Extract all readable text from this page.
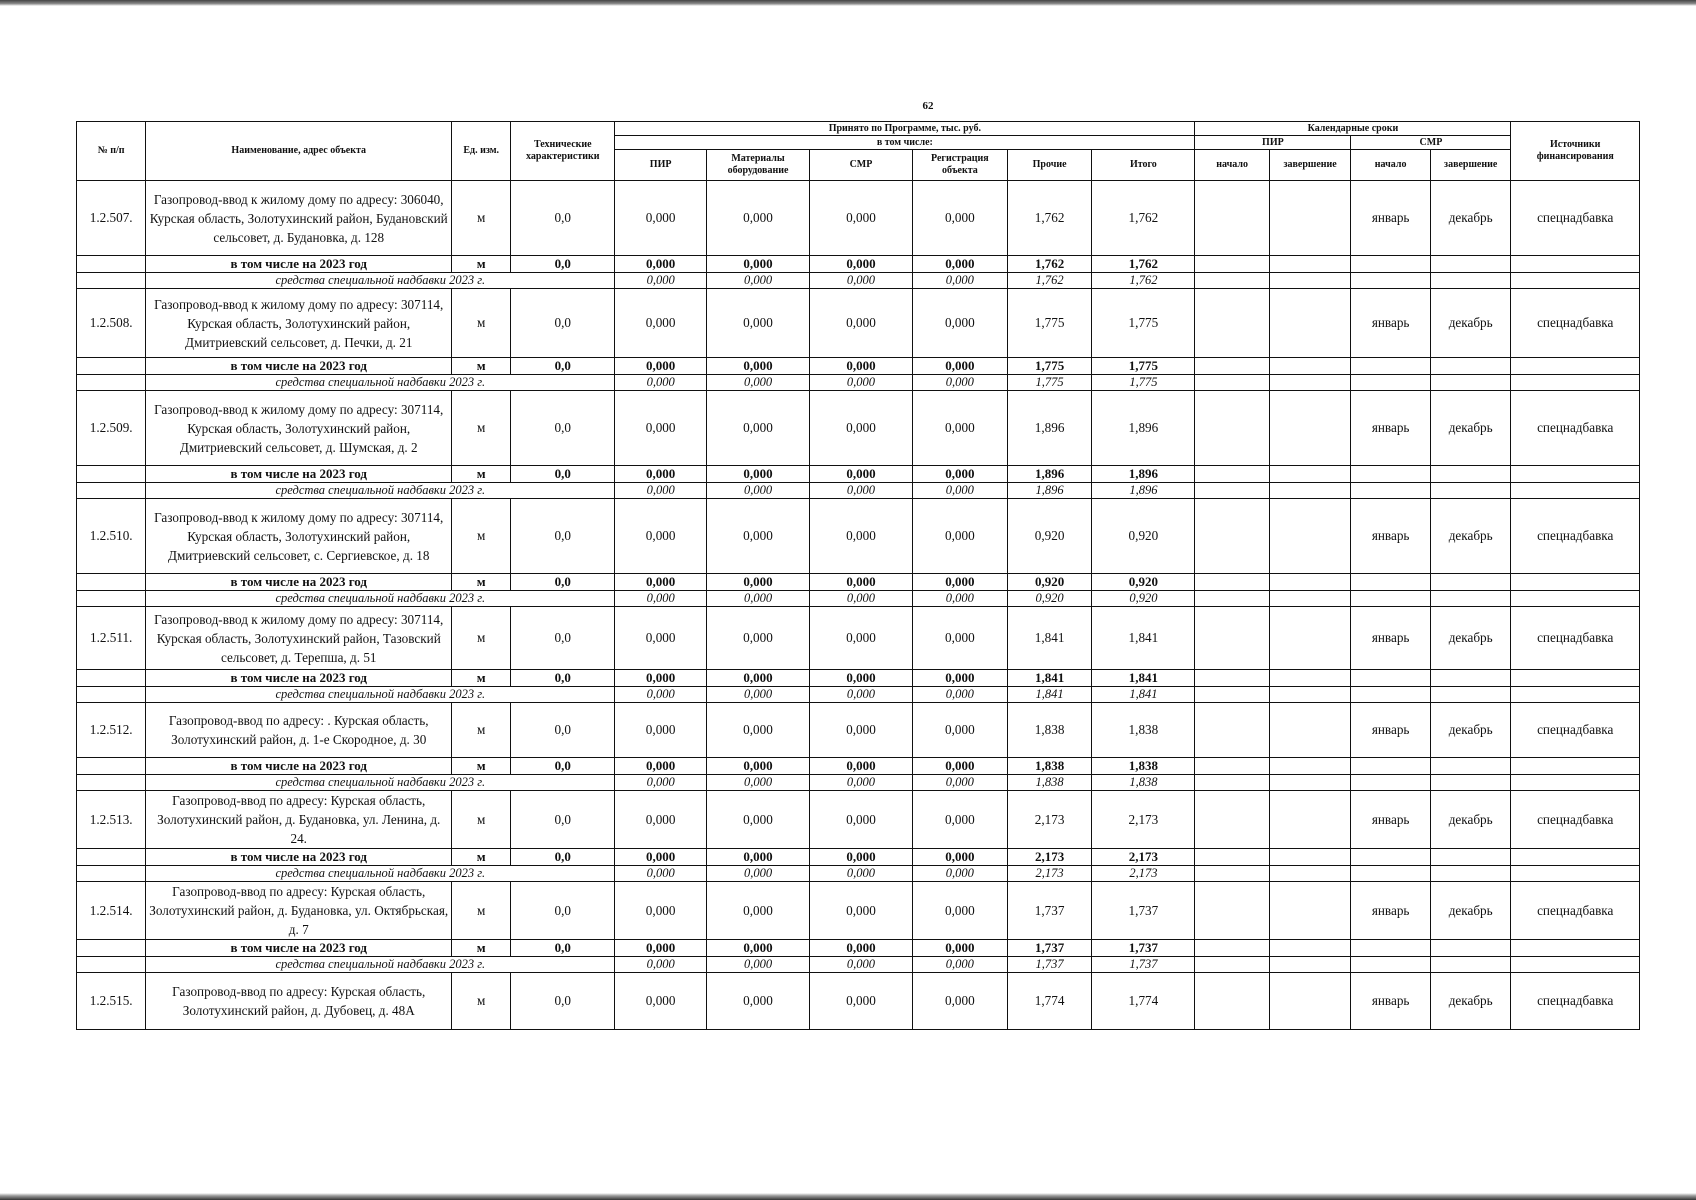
62
№ п/п	Наименование, адрес объекта	Ед. изм.	Технические характеристики	Принято по Программе, тыс. руб.						Календарные сроки				Источники финансирования
				в том числе:						ПИР		СМР		
				ПИР	Материалы оборудование	СМР	Регистрация объекта	Прочие	Итого	начало	завершение	начало	завершение	
1.2.507.	Газопровод-ввод к жилому дому по адресу: 306040, Курская область, Золотухинский район, Будановский сельсовет, д. Будановка, д. 128	м	0,0	0,000	0,000	0,000	0,000	1,762	1,762			январь	декабрь	спецнадбавка
	в том числе на 2023 год	м	0,0	0,000	0,000	0,000	0,000	1,762	1,762					
	средства специальной надбавки 2023 г.			0,000	0,000	0,000	0,000	1,762	1,762					
1.2.508.	Газопровод-ввод к жилому дому по адресу: 307114, Курская область, Золотухинский район, Дмитриевский сельсовет, д. Печки, д. 21	м	0,0	0,000	0,000	0,000	0,000	1,775	1,775			январь	декабрь	спецнадбавка
	в том числе на 2023 год	м	0,0	0,000	0,000	0,000	0,000	1,775	1,775					
	средства специальной надбавки 2023 г.			0,000	0,000	0,000	0,000	1,775	1,775					
1.2.509.	Газопровод-ввод к жилому дому по адресу: 307114, Курская область, Золотухинский район, Дмитриевский сельсовет, д. Шумская, д. 2	м	0,0	0,000	0,000	0,000	0,000	1,896	1,896			январь	декабрь	спецнадбавка
	в том числе на 2023 год	м	0,0	0,000	0,000	0,000	0,000	1,896	1,896					
	средства специальной надбавки 2023 г.			0,000	0,000	0,000	0,000	1,896	1,896					
1.2.510.	Газопровод-ввод к жилому дому по адресу: 307114, Курская область, Золотухинский район, Дмитриевский сельсовет, с. Сергиевское, д. 18	м	0,0	0,000	0,000	0,000	0,000	0,920	0,920			январь	декабрь	спецнадбавка
	в том числе на 2023 год	м	0,0	0,000	0,000	0,000	0,000	0,920	0,920					
	средства специальной надбавки 2023 г.			0,000	0,000	0,000	0,000	0,920	0,920					
1.2.511.	Газопровод-ввод к жилому дому по адресу: 307114, Курская область, Золотухинский район, Тазовский сельсовет, д. Терепша, д. 51	м	0,0	0,000	0,000	0,000	0,000	1,841	1,841			январь	декабрь	спецнадбавка
	в том числе на 2023 год	м	0,0	0,000	0,000	0,000	0,000	1,841	1,841					
	средства специальной надбавки 2023 г.			0,000	0,000	0,000	0,000	1,841	1,841					
1.2.512.	Газопровод-ввод по адресу: . Курская область, Золотухинский район, д. 1-е Скородное, д. 30	м	0,0	0,000	0,000	0,000	0,000	1,838	1,838			январь	декабрь	спецнадбавка
	в том числе на 2023 год	м	0,0	0,000	0,000	0,000	0,000	1,838	1,838					
	средства специальной надбавки 2023 г.			0,000	0,000	0,000	0,000	1,838	1,838					
1.2.513.	Газопровод-ввод по адресу: Курская область, Золотухинский район, д. Будановка, ул. Ленина, д. 24.	м	0,0	0,000	0,000	0,000	0,000	2,173	2,173			январь	декабрь	спецнадбавка
	в том числе на 2023 год	м	0,0	0,000	0,000	0,000	0,000	2,173	2,173					
	средства специальной надбавки 2023 г.			0,000	0,000	0,000	0,000	2,173	2,173					
1.2.514.	Газопровод-ввод по адресу: Курская область, Золотухинский район, д. Будановка, ул. Октябрьская, д. 7	м	0,0	0,000	0,000	0,000	0,000	1,737	1,737			январь	декабрь	спецнадбавка
	в том числе на 2023 год	м	0,0	0,000	0,000	0,000	0,000	1,737	1,737					
	средства специальной надбавки 2023 г.			0,000	0,000	0,000	0,000	1,737	1,737					
1.2.515.	Газопровод-ввод по адресу: Курская область, Золотухинский район, д. Дубовец, д. 48А	м	0,0	0,000	0,000	0,000	0,000	1,774	1,774			январь	декабрь	спецнадбавка
